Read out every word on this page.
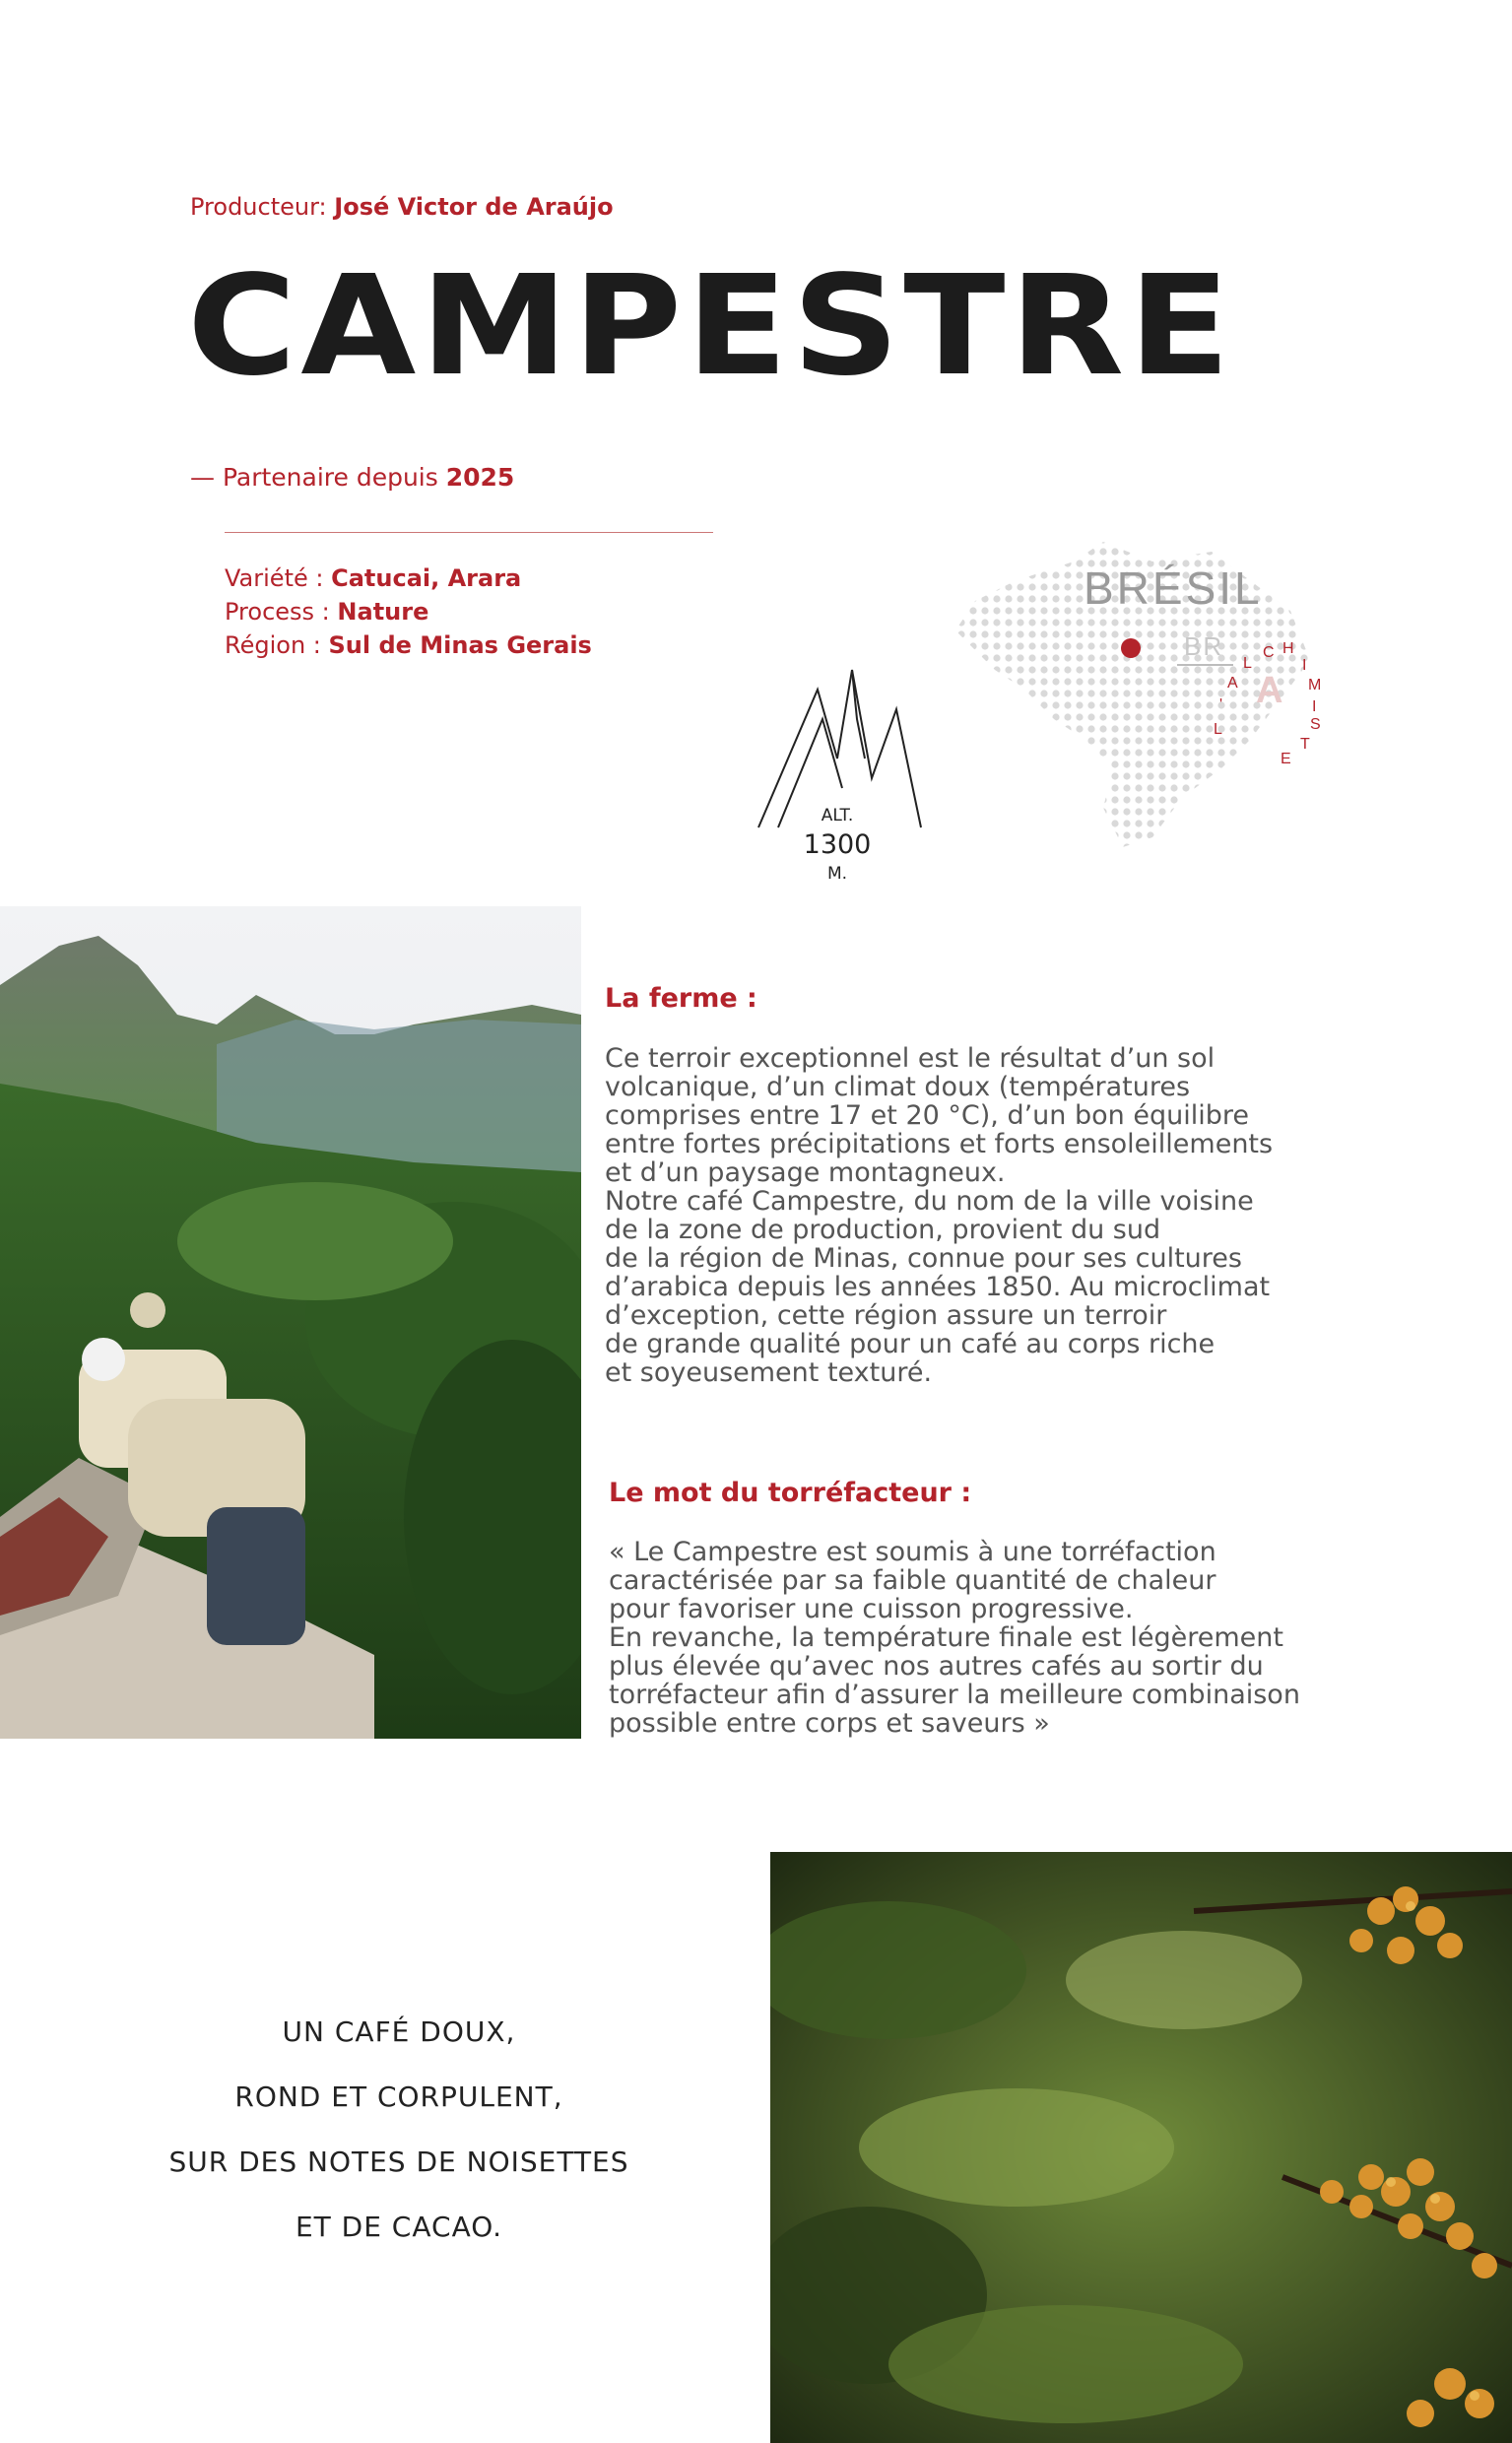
Producteur: José Victor de Araújo
CAMPESTRE
— Partenaire depuis 2025
Variété : Catucai, Arara
Process : Nature
Région : Sul de Minas Gerais
BRÉSIL
BR
A
L
'
A
L
C H
I
M
I
S
T
E
ALT.
1300
M.
La ferme :
Ce terroir exceptionnel est le résultat d’un sol
volcanique, d’un climat doux (températures
comprises entre 17 et 20 °C), d’un bon équilibre
entre fortes précipitations et forts ensoleillements
et d’un paysage montagneux.
Notre café Campestre, du nom de la ville voisine
de la zone de production, provient du sud
de la région de Minas, connue pour ses cultures
d’arabica depuis les années 1850. Au microclimat
d’exception, cette région assure un terroir
de grande qualité pour un café au corps riche
et soyeusement texturé.
Le mot du torréfacteur :
« Le Campestre est soumis à une torréfaction
caractérisée par sa faible quantité de chaleur
pour favoriser une cuisson progressive.
En revanche, la température finale est légèrement
plus élevée qu’avec nos autres cafés au sortir du
torréfacteur afin d’assurer la meilleure combinaison
possible entre corps et saveurs »
UN CAFÉ DOUX,
ROND ET CORPULENT,
SUR DES NOTES DE NOISETTES
ET DE CACAO.
